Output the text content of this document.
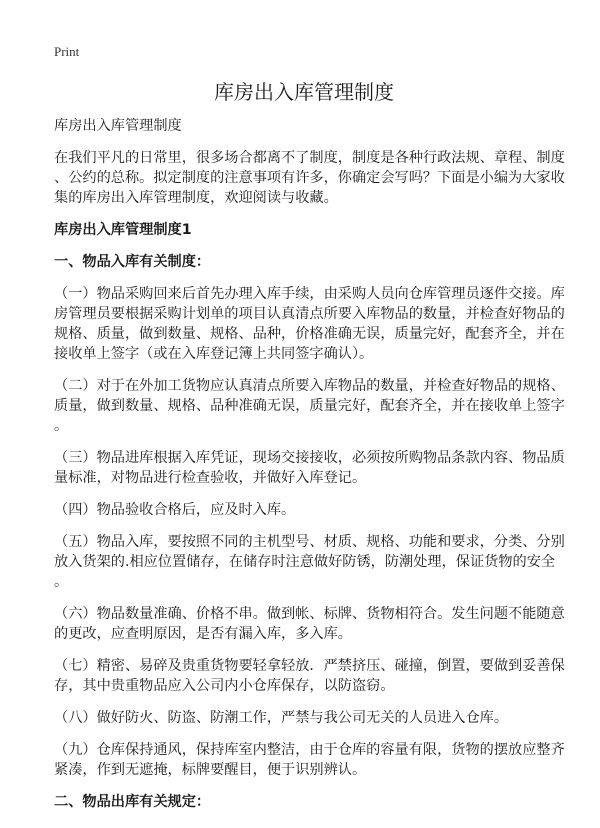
Print
库房出入库管理制度

库房出入库管理制度

在我们平凡的日常里，很多场合都离不了制度，制度是各种行政法规、章程、制度
、公约的总称。拟定制度的注意事项有许多，你确定会写吗？下面是小编为大家收
集的库房出入库管理制度，欢迎阅读与收藏。

库房出入库管理制度1

一、物品入库有关制度：

（一）物品采购回来后首先办理入库手续，由采购人员向仓库管理员逐件交接。库
房管理员要根据采购计划单的项目认真清点所要入库物品的数量，并检查好物品的
规格、质量，做到数量、规格、品种，价格准确无误，质量完好，配套齐全，并在
接收单上签字（或在入库登记簿上共同签字确认）。

（二）对于在外加工货物应认真清点所要入库物品的数量，并检查好物品的规格、
质量，做到数量、规格、品种准确无误，质量完好，配套齐全，并在接收单上签字
。

（三）物品进库根据入库凭证，现场交接接收，必须按所购物品条款内容、物品质
量标准，对物品进行检查验收，并做好入库登记。

（四）物品验收合格后，应及时入库。

（五）物品入库，要按照不同的主机型号、材质、规格、功能和要求，分类、分别
放入货架的.相应位置储存，在储存时注意做好防锈，防潮处理，保证货物的安全
。

（六）物品数量准确、价格不串。做到帐、标牌、货物相符合。发生问题不能随意
的更改，应查明原因，是否有漏入库，多入库。

（七）精密、易碎及贵重货物要轻拿轻放．严禁挤压、碰撞，倒置，要做到妥善保
存，其中贵重物品应入公司内小仓库保存，以防盗窃。

（八）做好防火、防盗、防潮工作，严禁与我公司无关的人员进入仓库。

（九）仓库保持通风，保持库室内整洁，由于仓库的容量有限，货物的摆放应整齐
紧凑，作到无遮掩，标牌要醒目，便于识别辨认。

二、物品出库有关规定：
